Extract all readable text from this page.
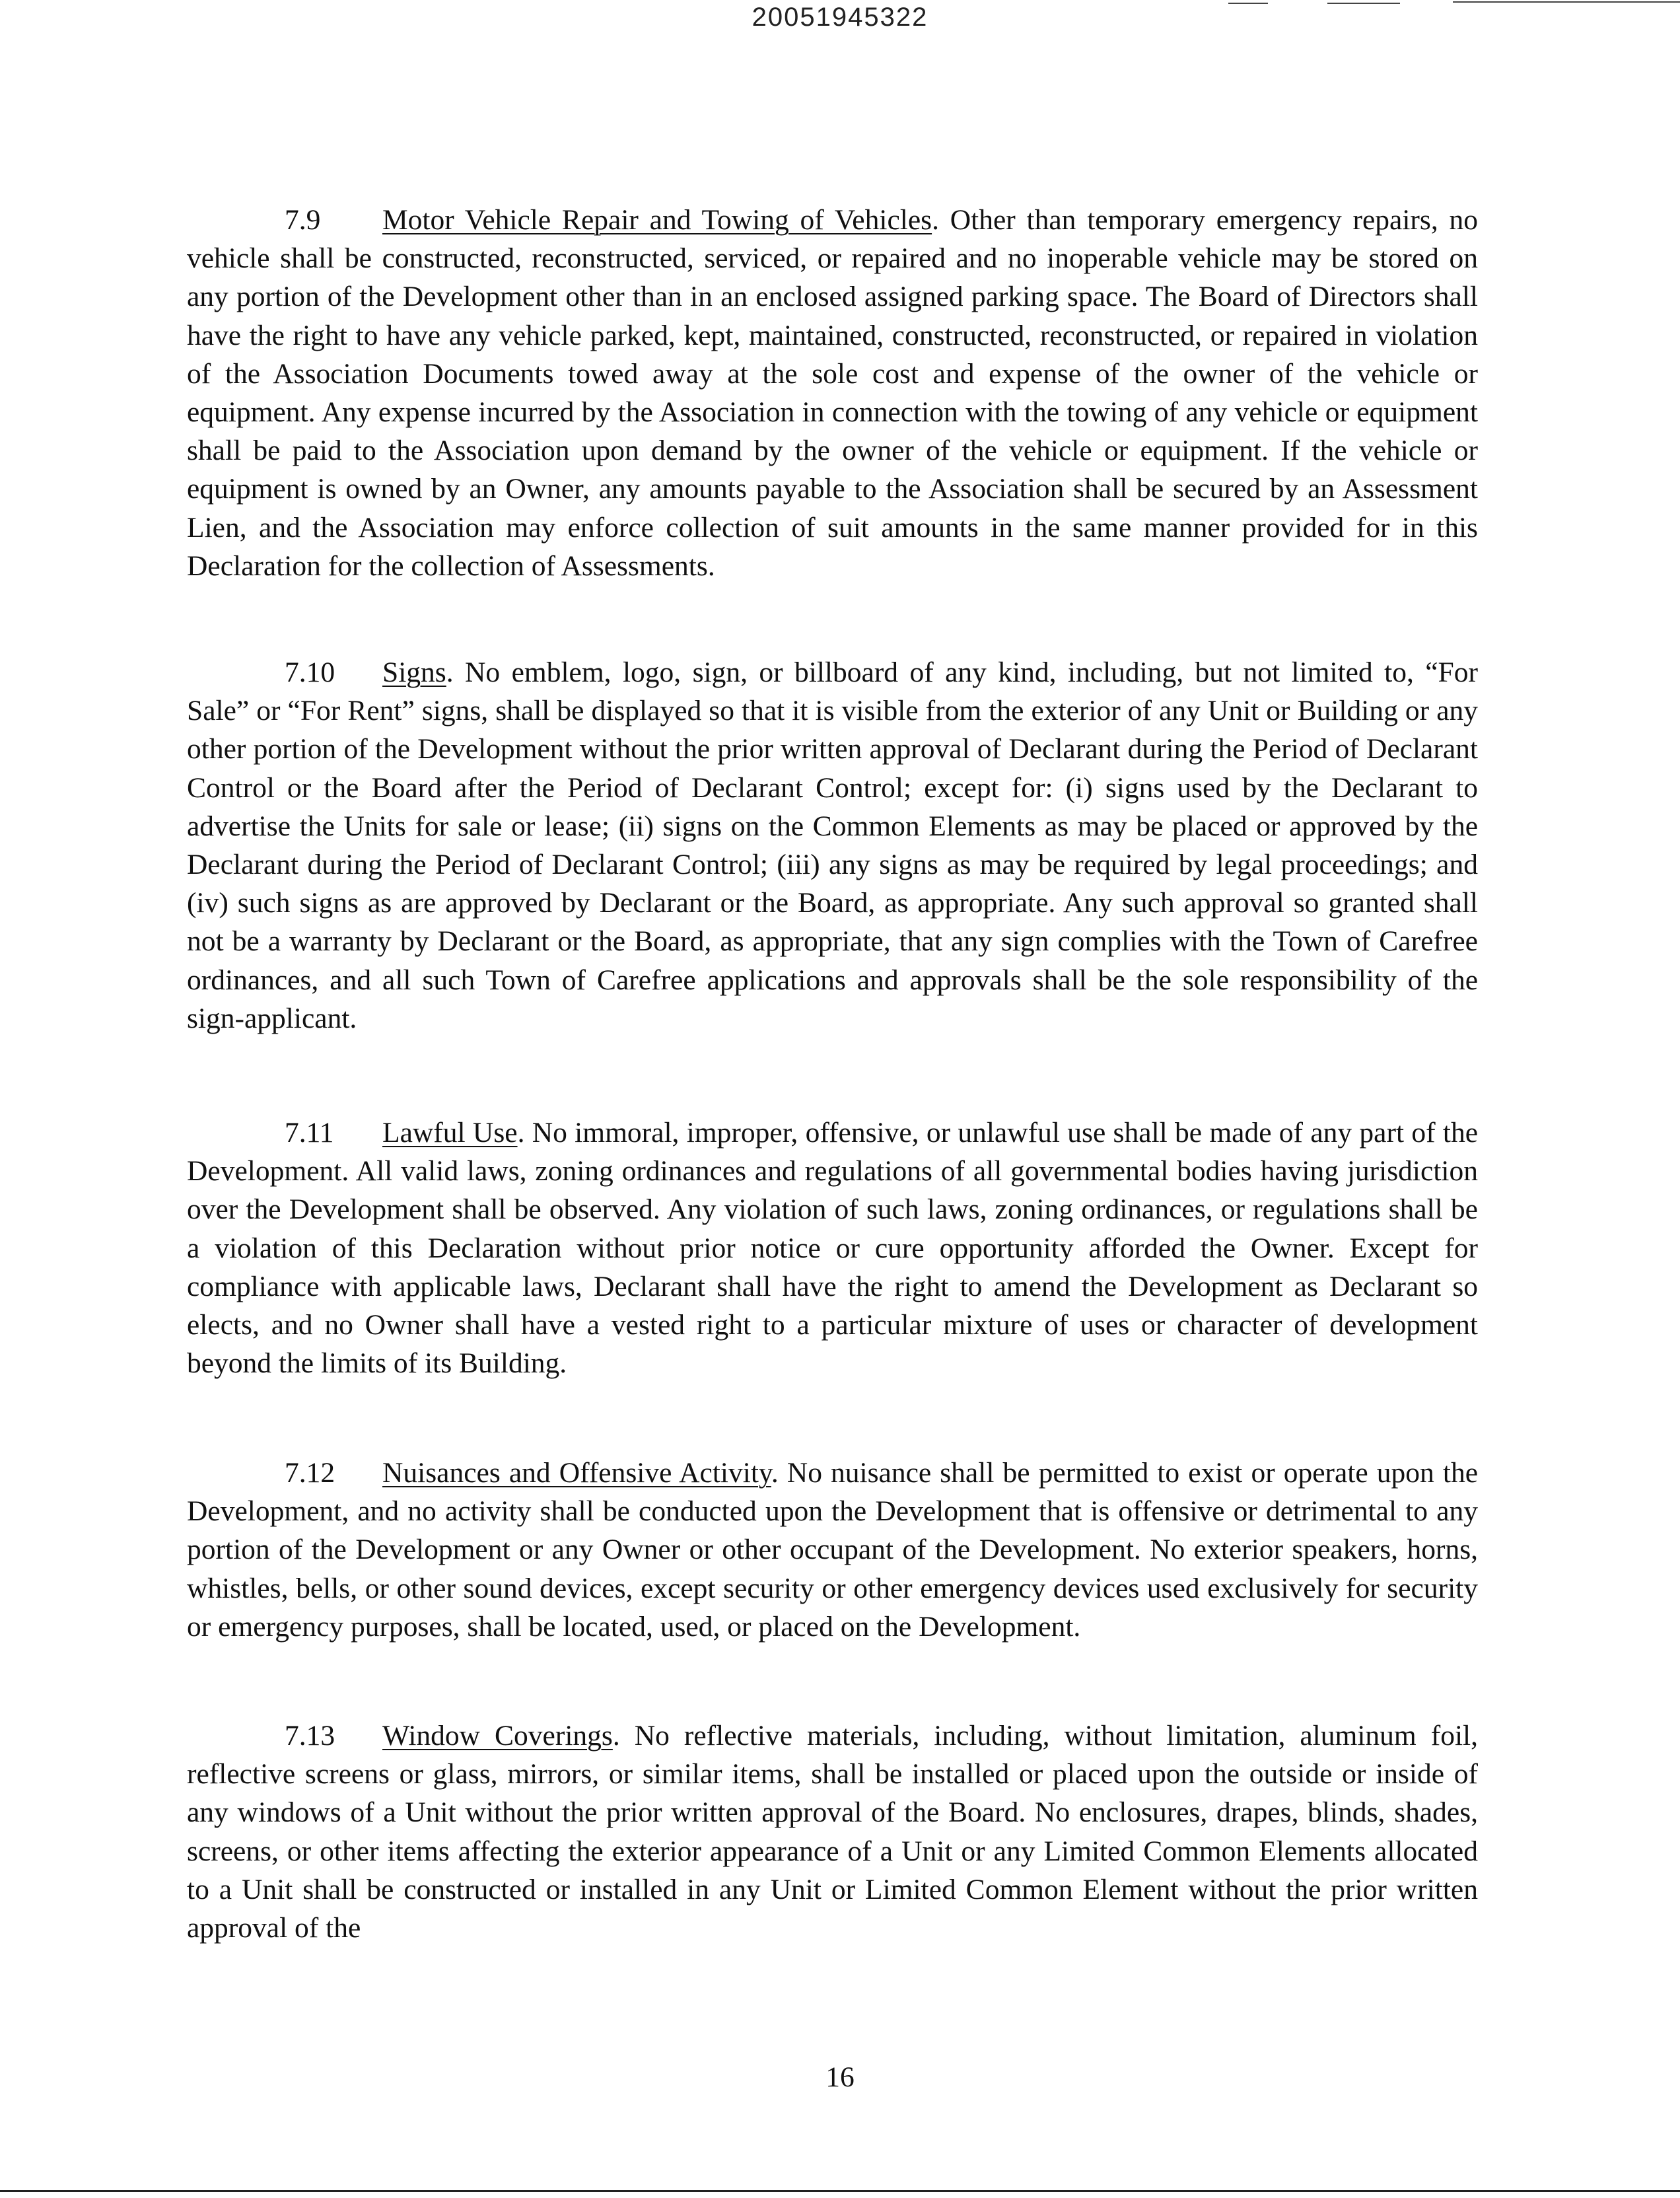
20051945322

7.9 Motor Vehicle Repair and Towing of Vehicles. Other than temporary emergency repairs, no vehicle shall be constructed, reconstructed, serviced, or repaired and no inoperable vehicle may be stored on any portion of the Development other than in an enclosed assigned parking space. The Board of Directors shall have the right to have any vehicle parked, kept, maintained, constructed, reconstructed, or repaired in violation of the Association Documents towed away at the sole cost and expense of the owner of the vehicle or equipment. Any expense incurred by the Association in connection with the towing of any vehicle or equipment shall be paid to the Association upon demand by the owner of the vehicle or equipment. If the vehicle or equipment is owned by an Owner, any amounts payable to the Association shall be secured by an Assessment Lien, and the Association may enforce collection of suit amounts in the same manner provided for in this Declaration for the collection of Assessments.

7.10 Signs. No emblem, logo, sign, or billboard of any kind, including, but not limited to, “For Sale” or “For Rent” signs, shall be displayed so that it is visible from the exterior of any Unit or Building or any other portion of the Development without the prior written approval of Declarant during the Period of Declarant Control or the Board after the Period of Declarant Control; except for: (i) signs used by the Declarant to advertise the Units for sale or lease; (ii) signs on the Common Elements as may be placed or approved by the Declarant during the Period of Declarant Control; (iii) any signs as may be required by legal proceedings; and (iv) such signs as are approved by Declarant or the Board, as appropriate. Any such approval so granted shall not be a warranty by Declarant or the Board, as appropriate, that any sign complies with the Town of Carefree ordinances, and all such Town of Carefree applications and approvals shall be the sole responsibility of the sign-applicant.

7.11 Lawful Use. No immoral, improper, offensive, or unlawful use shall be made of any part of the Development. All valid laws, zoning ordinances and regulations of all governmental bodies having jurisdiction over the Development shall be observed. Any violation of such laws, zoning ordinances, or regulations shall be a violation of this Declaration without prior notice or cure opportunity afforded the Owner. Except for compliance with applicable laws, Declarant shall have the right to amend the Development as Declarant so elects, and no Owner shall have a vested right to a particular mixture of uses or character of development beyond the limits of its Building.

7.12 Nuisances and Offensive Activity. No nuisance shall be permitted to exist or operate upon the Development, and no activity shall be conducted upon the Development that is offensive or detrimental to any portion of the Development or any Owner or other occupant of the Development. No exterior speakers, horns, whistles, bells, or other sound devices, except security or other emergency devices used exclusively for security or emergency purposes, shall be located, used, or placed on the Development.

7.13 Window Coverings. No reflective materials, including, without limitation, aluminum foil, reflective screens or glass, mirrors, or similar items, shall be installed or placed upon the outside or inside of any windows of a Unit without the prior written approval of the Board. No enclosures, drapes, blinds, shades, screens, or other items affecting the exterior appearance of a Unit or any Limited Common Elements allocated to a Unit shall be constructed or installed in any Unit or Limited Common Element without the prior written approval of the

16
